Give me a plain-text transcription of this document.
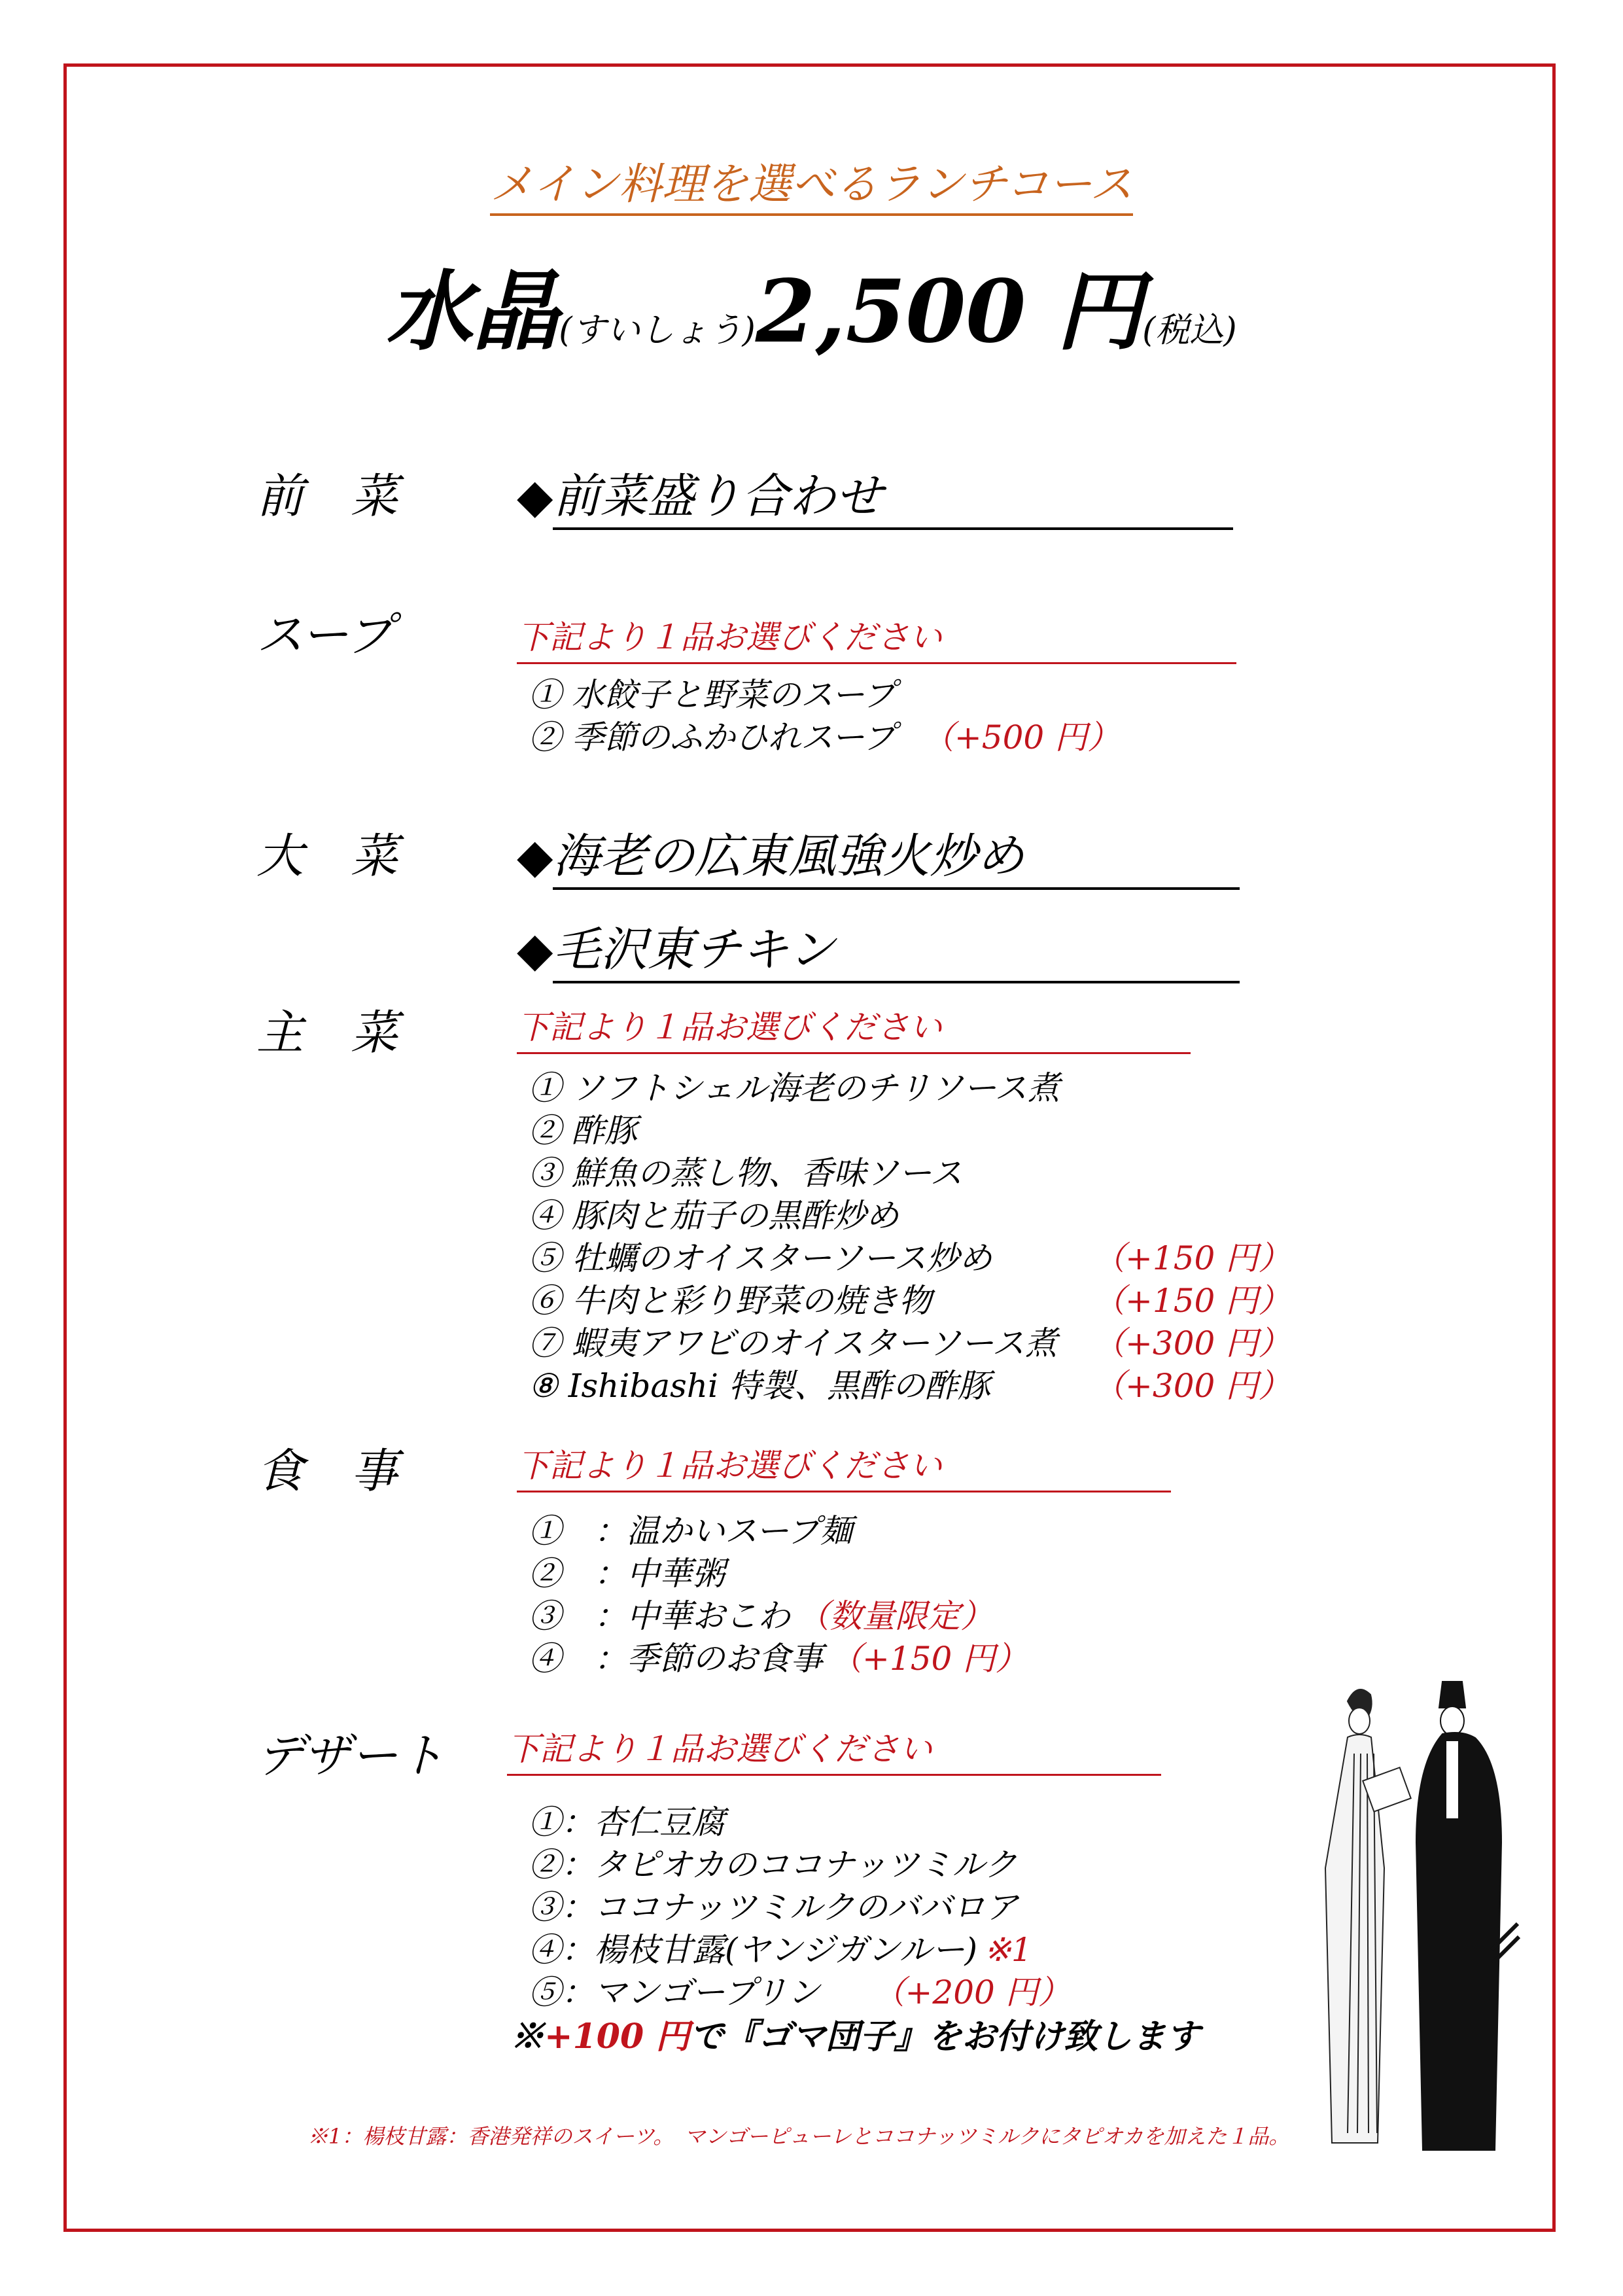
メイン料理を選べるランチコース
水晶(すいしょう)2,500 円(税込)
前　菜	◆前菜盛り合わせ
スープ	下記より１品お選びください
① 水餃子と野菜のスープ
② 季節のふかひれスープ （+500 円）
大　菜	◆海老の広東風強火炒め
◆毛沢東チキン
主　菜	下記より１品お選びください
① ソフトシェル海老のチリソース煮
② 酢豚
③ 鮮魚の蒸し物、香味ソース
④ 豚肉と茄子の黒酢炒め
⑤ 牡蠣のオイスターソース炒め	（+150 円）
⑥ 牛肉と彩り野菜の焼き物	（+150 円）
⑦ 蝦夷アワビのオイスターソース煮 （+300 円）
⑧ Ishibashi 特製、黒酢の酢豚	（+300 円）
食　事	下記より１品お選びください
①　：温かいスープ麺
②　：中華粥
③　：中華おこわ （数量限定）
④　：季節のお食事 （+150 円）
デザート 下記より１品お選びください
①：杏仁豆腐
②：タピオカのココナッツミルク
③：ココナッツミルクのババロア
④：楊枝甘露(ヤンジガンルー) ※1
⑤：マンゴープリン （+200 円）
※+100 円で『ゴマ団子』をお付け致します
※1：楊枝甘露：香港発祥のスイーツ。　マンゴーピューレとココナッツミルクにタピオカを加えた１品。
